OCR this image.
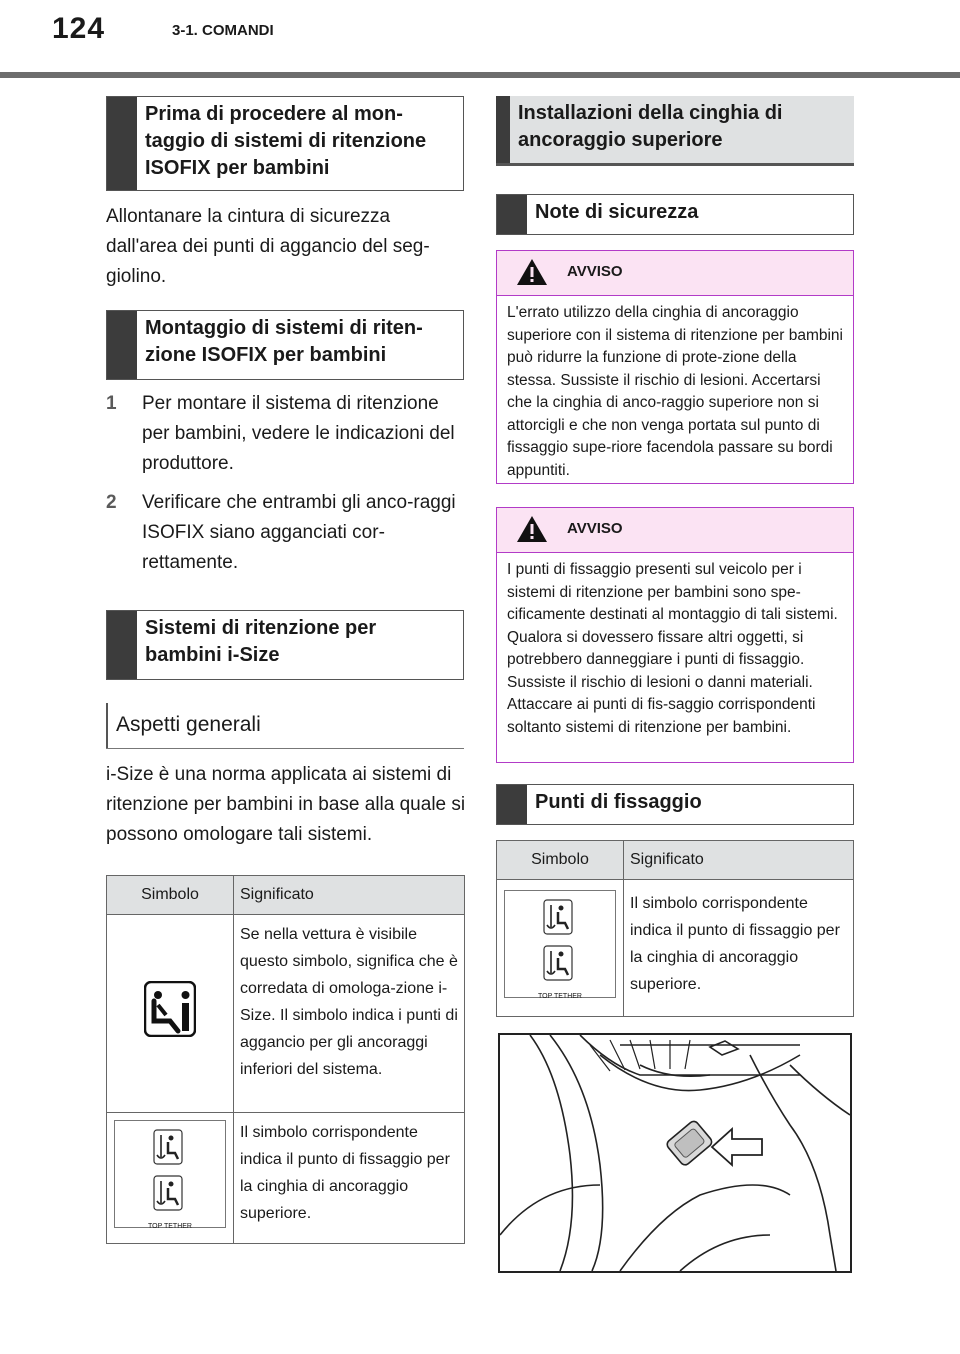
124	3-1. COMANDI
Prima di procedere al mon-taggio di sistemi di ritenzione ISOFIX per bambini
Allontanare la cintura di sicurezza dall'area dei punti di aggancio del seg-giolino.
Montaggio di sistemi di riten-zione ISOFIX per bambini
1 Per montare il sistema di ritenzione per bambini, vedere le indicazioni del produttore.
2 Verificare che entrambi gli anco-raggi ISOFIX siano agganciati cor-rettamente.
Sistemi di ritenzione per bambini i-Size
Aspetti generali
i-Size è una norma applicata ai sistemi di ritenzione per bambini in base alla quale si possono omologare tali sistemi.
Simbolo	Significato
	Se nella vettura è visibile questo simbolo, significa che è corredata di omologa-zione i-Size. Il simbolo indica i punti di aggancio per gli ancoraggi inferiori del sistema.

TOP TETHER	Il simbolo corrispondente indica il punto di fissaggio per la cinghia di ancoraggio superiore.
Installazioni della cinghia di ancoraggio superiore
Note di sicurezza
AVVISO
L'errato utilizzo della cinghia di ancoraggio superiore con il sistema di ritenzione per bambini può ridurre la funzione di prote-zione della stessa. Sussiste il rischio di lesioni. Accertarsi che la cinghia di anco-raggio superiore non si attorcigli e che non venga portata sul punto di fissaggio supe-riore facendola passare su bordi appuntiti.
AVVISO
I punti di fissaggio presenti sul veicolo per i sistemi di ritenzione per bambini sono spe-cificamente destinati al montaggio di tali sistemi. Qualora si dovessero fissare altri oggetti, si potrebbero danneggiare i punti di fissaggio. Sussiste il rischio di lesioni o danni materiali. Attaccare ai punti di fis-saggio corrispondenti soltanto sistemi di ritenzione per bambini.
Punti di fissaggio
Simbolo	Significato

TOP TETHER	Il simbolo corrispondente indica il punto di fissaggio per la cinghia di ancoraggio superiore.
